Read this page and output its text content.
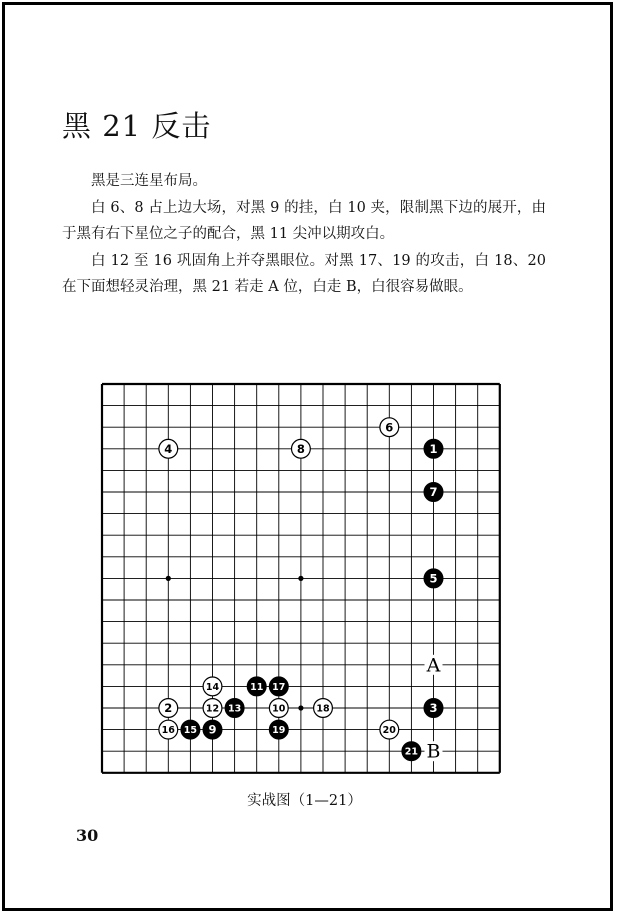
黑 21 反击

黑是三连星布局。

白 6、8 占上边大场，对黑 9 的挂，白 10 夹，限制黑下边的展开，由于黑有右下星位之子的配合，黑 11 尖冲以期攻白。

白 12 至 16 巩固角上并夺黑眼位。对黑 17、19 的攻击，白 18、20 在下面想轻灵治理，黑 21 若走 A 位，白走 B，白很容易做眼。

A
B
1
2	3
4
5
6
7
8
9
10
11
12 13
14
15
16
17
18
19	20
21
实战图（1—21）
30
